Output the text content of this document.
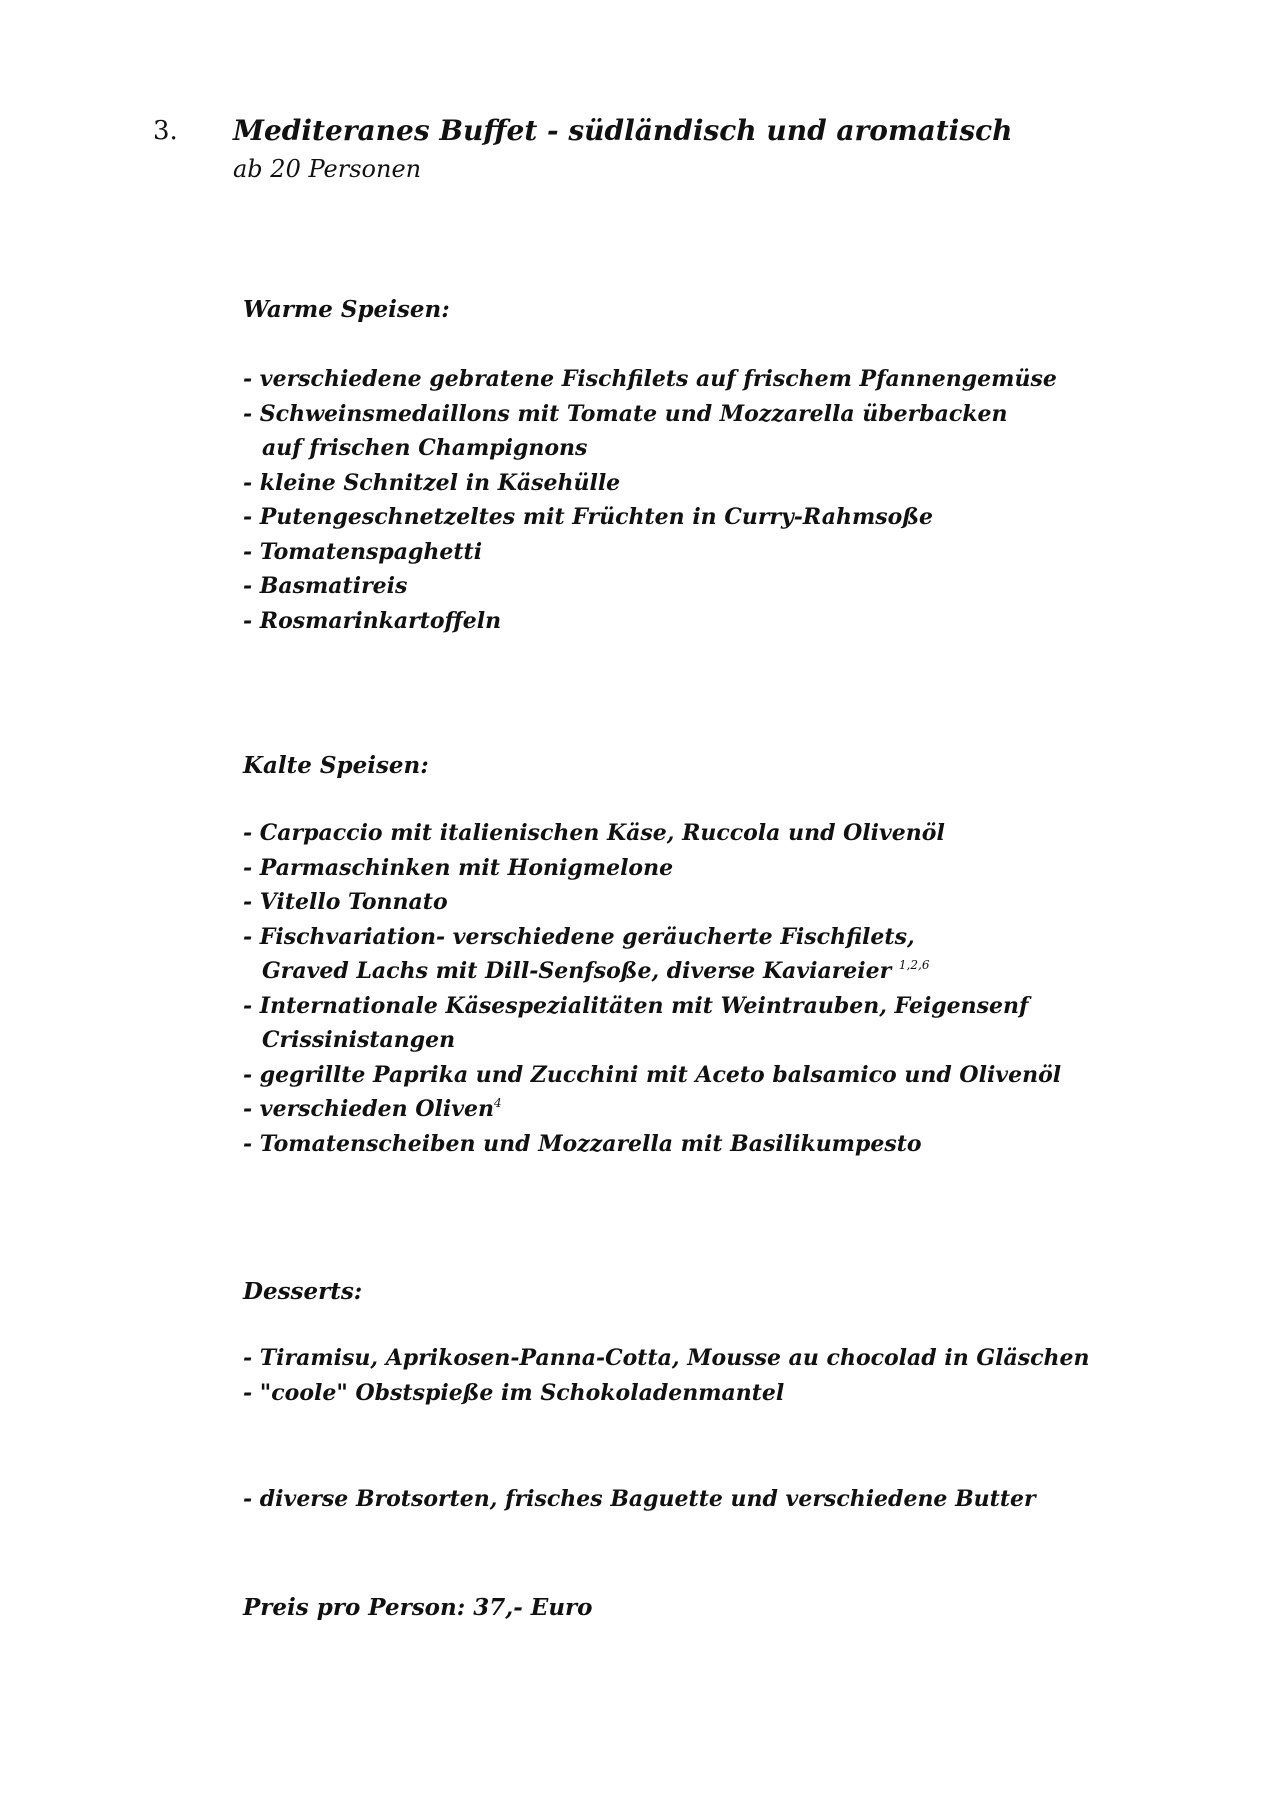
3. Mediteranes Buffet - südländisch und aromatisch
ab 20 Personen
Warme Speisen:
- verschiedene gebratene Fischfilets auf frischem Pfannengemüse
- Schweinsmedaillons mit Tomate und Mozzarella überbacken
auf frischen Champignons
- kleine Schnitzel in Käsehülle
- Putengeschnetzeltes mit Früchten in Curry-Rahmsoße
- Tomatenspaghetti
- Basmatireis
- Rosmarinkartoffeln
Kalte Speisen:
- Carpaccio mit italienischen Käse, Ruccola und Olivenöl
- Parmaschinken mit Honigmelone
- Vitello Tonnato
- Fischvariation- verschiedene geräucherte Fischfilets,
Graved Lachs mit Dill-Senfsoße, diverse Kaviareier $^{1,2,6}$
- Internationale Käsespezialitäten mit Weintrauben, Feigensenf
Crissinistangen
- gegrillte Paprika und Zucchini mit Aceto balsamico und Olivenöl
- verschieden Oliven$^4$
- Tomatenscheiben und Mozzarella mit Basilikumpesto
Desserts:
- Tiramisu, Aprikosen-Panna-Cotta, Mousse au chocolad in Gläschen
- "coole" Obstspieße im Schokoladenmantel
- diverse Brotsorten, frisches Baguette und verschiedene Butter
Preis pro Person: 37,- Euro
